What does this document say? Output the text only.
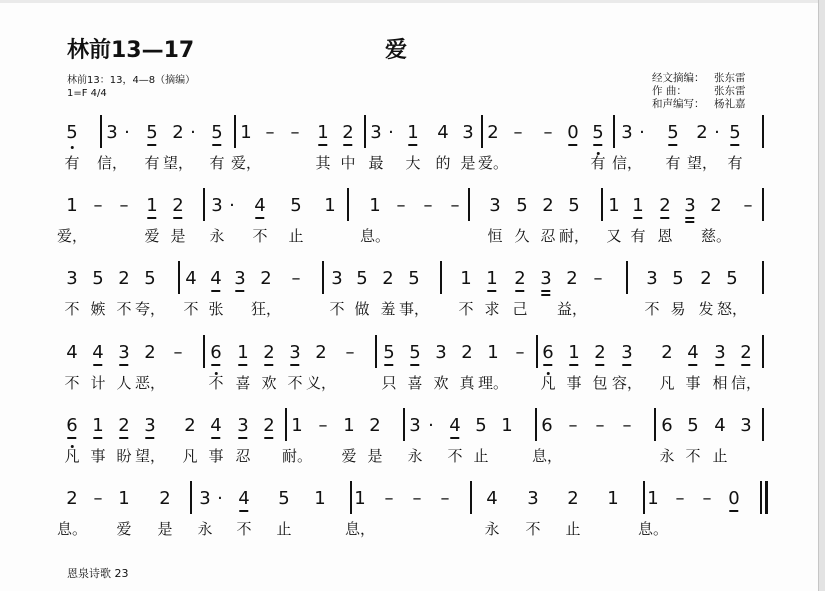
林前13—17	爱
林前13：13，4—8（摘编）
1=F 4/4
经文摘编： 张东雷
作 曲：	张东雷
和声编写： 杨礼嘉
5 3 · 5 2 · 5 1 – – 1 2 3 · 1 4 3 2 – – 0 5 3 · 5 2 · 5
有 信， 有 望， 有 爱，	其 中 最 大 的 是 爱。	有 信， 有 望， 有
1 – – 1 2 3 · 4 5 1 1 – – – 3 5 2 5 1 1 2 3 2 –
爱，	爱 是 永 不 止	息。	恒 久 忍 耐， 又 有 恩 慈。
3 5 2 5 4 4 3 2 – 3 5 2 5 1 1 2 3 2 – 3 5 2 5
不 嫉 不 夸， 不 张 狂，	不 做 羞 事， 不 求 己 益，	不 易 发 怒，
4 4 3 2 – 6 1 2 3 2 – 5 5 3 2 1 – 6 1 2 3 2 4 3 2
不 计 人 恶，	不 喜 欢 不 义，	只 喜 欢 真 理。 凡 事 包 容， 凡 事 相 信，
6 1 2 3 2 4 3 2 1 – 1 2 3 · 4 5 1 6 – – – 6 5 4 3
凡 事 盼 望， 凡 事 忍 耐。 爱 是 永 不 止	息，	永 不 止
2 – 1 2 3 · 4 5 1 1 – – – 4 3 2 1 1 – – 0
息。 爱 是 永 不 止	息，	永 不 止	息。
恩泉诗歌 23
